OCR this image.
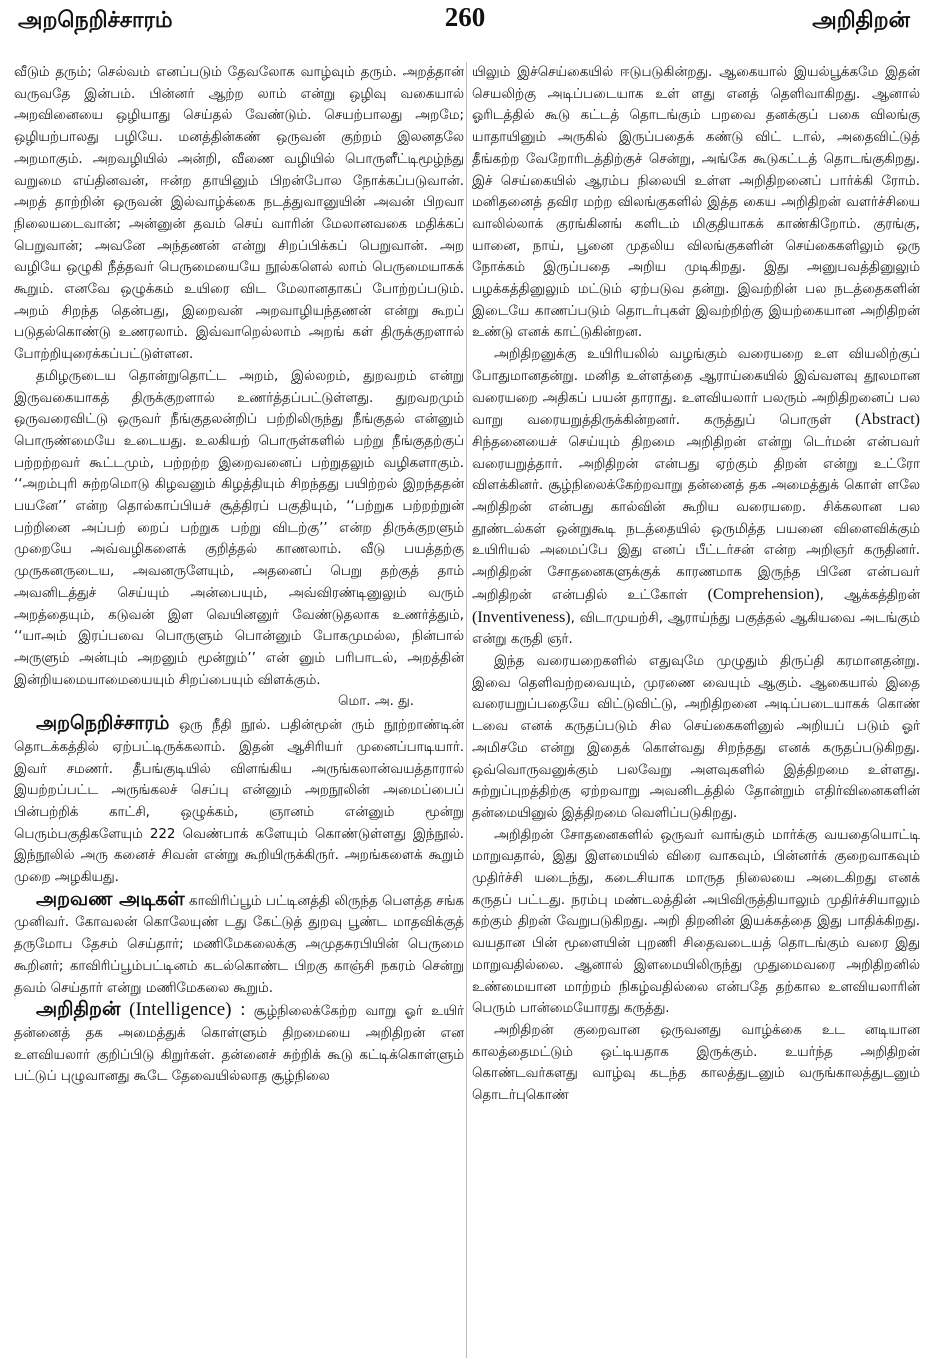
அறநெறிச்சாரம்	260	அறிதிறன்

வீடும் தரும்; செல்வம் எனப்படும் தேவலோக வாழ்வும் தரும். அறத்தான் வருவதே இன்பம். பின்னர் ஆற்ற லாம் என்று ஒழிவு வகையால் அறவினையை ஒழியாது செய்தல் வேண்டும். செயற்பாலது அறமே; ஒழியற்பாலது பழியே. மனத்தின்கண் ஒருவன் குற்றம் இலனதலே அறமாகும். அறவழியில் அன்றி, வீணை வழியில் பொருளீட்டிமூழ்ந்து வறுமை எய்தினவன், ஈன்ற தாயினும் பிறன்போல நோக்கப்படுவான். அறத் தாற்றின் ஒருவன் இல்வாழ்க்கை நடத்துவானுயின் அவன் பிறவா நிலையடைவான்; அன்னுன் தவம் செய் வாரின் மேலானவகை மதிக்கப் பெறுவான்; அவனே அந்தணன் என்று சிறப்பிக்கப் பெறுவான். அற வழியே ஒழுகி நீத்தவர் பெருமையையே நூல்களெல் லாம் பெருமையாகக் கூறும். எனவே ஒழுக்கம் உயிரை விட மேலானதாகப் போற்றப்படும். அறம் சிறந்த தென்பது, இறைவன் அறவாழியந்தணன் என்று கூறப் படுதல்கொண்டு உணரலாம். இவ்வாறெல்லாம் அறங் கள் திருக்குறளால் போற்றியுரைக்கப்பட்டுள்ளன.

தமிழருடைய தொன்றுதொட்ட அறம், இல்லறம், துறவறம் என்று இருவகையாகத் திருக்குறளால் உணர்த்தப்பட்டுள்ளது. துறவறமும் ஒருவரைவிட்டு ஒருவர் நீங்குதலன்றிப் பற்றிலிருந்து நீங்குதல் என்னும் பொருண்மையே உடையது. உலகியற் பொருள்களில் பற்று நீங்குதற்குப் பற்றற்றவர் கூட்டமும், பற்றற்ற இறைவனைப் பற்றுதலும் வழிகளாகும். ‘‘அறம்புரி சுற்றமொடு கிழவனும் கிழத்தியும் சிறந்தது பயிற்றல் இறந்ததன் பயனே’’ என்ற தொல்காப்பியச் சூத்திரப் பகுதியும், ‘‘பற்றுக பற்றற்றுன் பற்றினை அப்பற் றைப் பற்றுக பற்று விடற்கு’’ என்ற திருக்குறளும் முறையே அவ்வழிகளைக் குறித்தல் காணலாம். வீடு பயத்தற்கு முருகனருடைய, அவனருளேயும், அதனைப் பெறு தற்குத் தாம் அவனிடத்துச் செய்யும் அன்பையும், அவ்விரண்டினுலும் வரும் அறத்தையும், கடுவன் இள வெயினனுர் வேண்டுதலாக உணர்த்தும், ‘‘யாஅம் இரப்பவை பொருளும் பொன்னும் போகமுமல்ல, நின்பால் அருளும் அன்பும் அறனும் மூன்றும்’’ என் னும் பரிபாடல், அறத்தின் இன்றியமையாமையையும் சிறப்பையும் விளக்கும்.

மொ. அ. து.

அறநெறிச்சாரம் ஒரு நீதி நூல். பதின்மூன் ரும் நூற்றாண்டின் தொடக்கத்தில் ஏற்பட்டிருக்கலாம். இதன் ஆசிரியர் முனைப்பாடியார். இவர் சமணர். தீபங்குடியில் விளங்கிய அருங்கலான்வயத்தாரால் இயற்றப்பட்ட அருங்கலச் செப்பு என்னும் அறநூலின் அமைப்பைப் பின்பற்றிக் காட்சி, ஒழுக்கம், ஞானம் என்னும் மூன்று பெரும்பகுதிகளேயும் 222 வெண்பாக் களேயும் கொண்டுள்ளது இந்நூல். இந்நூலில் அரு கனைச் சிவன் என்று கூறியிருக்கிருர். அறங்களைக் கூறும் முறை அழகியது.

அறவண அடிகள் காவிரிப்பூம் பட்டினத்தி லிருந்த பௌத்த சங்க முனிவர். கோவலன் கொலேயுண் டது கேட்டுத் துறவு பூண்ட மாதவிக்குத் தருமோப தேசம் செய்தார்; மணிமேகலைக்கு அமுதசுரபியின் பெருமை கூறினர்; காவிரிப்பூம்பட்டினம் கடல்கொண்ட பிறகு காஞ்சி நகரம் சென்று தவம் செய்தார் என்று மணிமேகலை கூறும்.

அறிதிறன் (Intelligence) : சூழ்நிலைக்கேற்ற வாறு ஓர் உயிர் தன்னைத் தக அமைத்துக் கொள்ளும் திறமையை அறிதிறன் என உளவியலார் குறிப்பிடு கிறுர்கள். தன்னைச் சுற்றிக் கூடு கட்டிக்கொள்ளும் பட்டுப் புழுவானது கூடே தேவையில்லாத சூழ்நிலை

யிலும் இச்செய்கையில் ஈடுபடுகின்றது. ஆகையால் இயல்பூக்கமே இதன் செயலிற்கு அடிப்படையாக உள் ளது எனத் தெளிவாகிறது. ஆனால் ஓரிடத்தில் கூடு கட்டத் தொடங்கும் பறவை தனக்குப் பகை விலங்கு யாதாயினும் அருகில் இருப்பதைக் கண்டு விட் டால், அதைவிட்டுத் தீங்கற்ற வேறோரிடத்திற்குச் சென்று, அங்கே கூடுகட்டத் தொடங்குகிறது. இச் செய்கையில் ஆரம்ப நிலையி உள்ள அறிதிறனைப் பார்க்கி ரோம். மனிதனைத் தவிர மற்ற விலங்குகளில் இத்த கைய அறிதிறன் வளர்ச்சியை வாலில்லாக் குரங்கினங் களிடம் மிகுதியாகக் காண்கிறோம். குரங்கு, யானை, நாய், பூனை முதலிய விலங்குகளின் செய்கைகளிலும் ஒரு நோக்கம் இருப்பதை அறிய முடிகிறது. இது அனுபவத்தினுலும் பழக்கத்தினுலும் மட்டும் ஏற்படுவ தன்று. இவற்றின் பல நடத்தைகளின் இடையே காணப்படும் தொடர்புகள் இவற்றிற்கு இயற்கையான அறிதிறன் உண்டு எனக் காட்டுகின்றன.

அறிதிறனுக்கு உயிரியலில் வழங்கும் வரையறை உள வியலிற்குப் போதுமானதன்று. மனித உள்ளத்தை ஆராய்கையில் இவ்வளவு தூலமான வரையறை அதிகப் பயன் தாராது. உளவியலார் பலரும் அறிதிறனைப் பல வாறு வரையறுத்திருக்கின்றனர். கருத்துப் பொருள் (Abstract) சிந்தனையைச் செய்யும் திறமை அறிதிறன் என்று டெர்மன் என்பவர் வரையறுத்தார். அறிதிறன் என்பது ஏற்கும் திறன் என்று உட்ரோ விளக்கினர். சூழ்நிலைக்கேற்றவாறு தன்னைத் தக அமைத்துக் கொள் ளலே அறிதிறன் என்பது கால்வின் கூறிய வரையறை. சிக்கலான பல தூண்டல்கள் ஒன்றுகூடி நடத்தையில் ஒருமித்த பயனை விளைவிக்கும் உயிரியல் அமைப்பே இது எனப் பீட்டர்சன் என்ற அறிஞர் கருதினர். அறிதிறன் சோதனைகளுக்குக் காரணமாக இருந்த பினே என்பவர் அறிதிறன் என்பதில் உட்கோள் (Comprehension), ஆக்கத்திறன் (Inventiveness), விடாமுயற்சி, ஆராய்ந்து பகுத்தல் ஆகியவை அடங்கும் என்று கருதி ஞர்.

இந்த வரையறைகளில் எதுவுமே முழுதும் திருப்தி கரமானதன்று. இவை தெளிவற்றவையும், முரணை வையும் ஆகும். ஆகையால் இதை வரையறுப்பதையே விட்டுவிட்டு, அறிதிறனை அடிப்படையாகக் கொண் டவை எனக் கருதப்படும் சில செய்கைகளினுல் அறியப் படும் ஓர் அமிசமே என்று இதைக் கொள்வது சிறந்தது எனக் கருதப்படுகிறது. ஒவ்வொருவனுக்கும் பலவேறு அளவுகளில் இத்திறமை உள்ளது. சுற்றுப்புறத்திற்கு ஏற்றவாறு அவனிடத்தில் தோன்றும் எதிர்வினைகளின் தன்மையினுல் இத்திறமை வெளிப்படுகிறது.

அறிதிறன் சோதனைகளில் ஒருவர் வாங்கும் மார்க்கு வயதையொட்டி மாறுவதால், இது இளமையில் விரை வாகவும், பின்னர்க் குறைவாகவும் முதிர்ச்சி யடைந்து, கடைசியாக மாருத நிலையை அடைகிறது எனக் கருதப் பட்டது. நரம்பு மண்டலத்தின் அபிவிருத்தியாலும் முதிர்ச்சியாலும் கற்கும் திறன் வேறுபடுகிறது. அறி திறனின் இயக்கத்தை இது பாதிக்கிறது. வயதான பின் மூளையின் புறணி சிதைவடையத் தொடங்கும் வரை இது மாறுவதில்லை. ஆனால் இளமையிலிருந்து முதுமைவரை அறிதிறனில் உண்மையான மாற்றம் நிகழ்வதில்லை என்பதே தற்கால உளவியலாரின் பெரும் பான்மையோரது கருத்து.

அறிதிறன் குறைவான ஒருவனது வாழ்க்கை உட னடியான காலத்தைமட்டும் ஒட்டியதாக இருக்கும். உயர்ந்த அறிதிறன் கொண்டவர்களது வாழ்வு கடந்த காலத்துடனும் வருங்காலத்துடனும் தொடர்புகொண்
